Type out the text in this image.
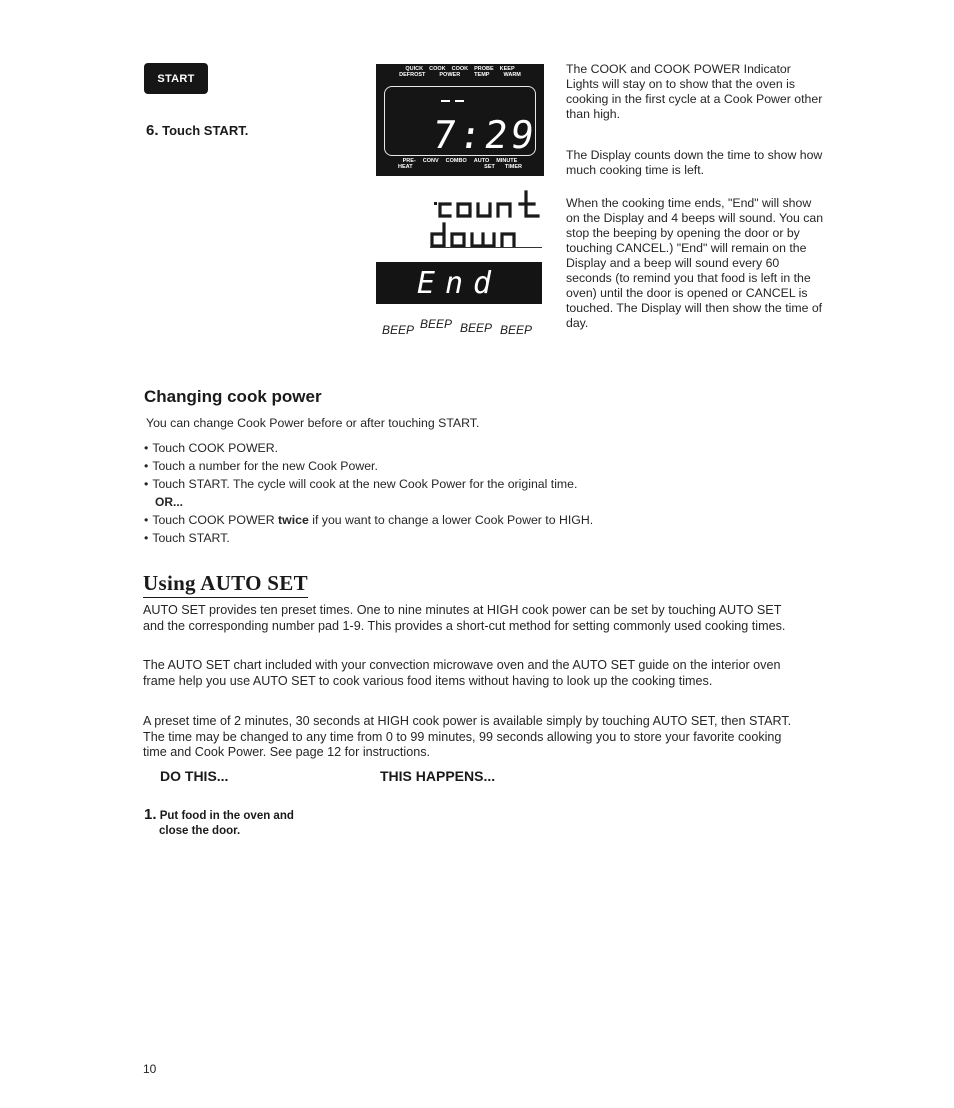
START
6. Touch START.
QUICK COOK COOK PROBE KEEP
DEFROST	POWER	TEMP	WARM
7:29
PRE- CONV COMBO AUTO MINUTE
HEAT	SET TIMER
End
BEEP BEEP BEEP BEEP
The COOK and COOK POWER Indicator Lights will stay on to show that the oven is cooking in the first cycle at a Cook Power other than high.
The Display counts down the time to show how much cooking time is left.
When the cooking time ends, "End" will show on the Display and 4 beeps will sound. You can stop the beeping by opening the door or by touching CANCEL.) "End" will remain on the Display and a beep will sound every 60 seconds (to remind you that food is left in the oven) until the door is opened or CANCEL is touched. The Display will then show the time of day.
Changing cook power
You can change Cook Power before or after touching START.
• Touch COOK POWER.
• Touch a number for the new Cook Power.
• Touch START. The cycle will cook at the new Cook Power for the original time.
OR...
• Touch COOK POWER twice if you want to change a lower Cook Power to HIGH.
• Touch START.
Using AUTO SET
AUTO SET provides ten preset times. One to nine minutes at HIGH cook power can be set by touching AUTO SET and the corresponding number pad 1-9. This provides a short-cut method for setting commonly used cooking times.
The AUTO SET chart included with your convection microwave oven and the AUTO SET guide on the interior oven frame help you use AUTO SET to cook various food items without having to look up the cooking times.
A preset time of 2 minutes, 30 seconds at HIGH cook power is available simply by touching AUTO SET, then START. The time may be changed to any time from 0 to 99 minutes, 99 seconds allowing you to store your favorite cooking time and Cook Power. See page 12 for instructions.
DO THIS...	THIS HAPPENS...
1. Put food in the oven and
close the door.
10
